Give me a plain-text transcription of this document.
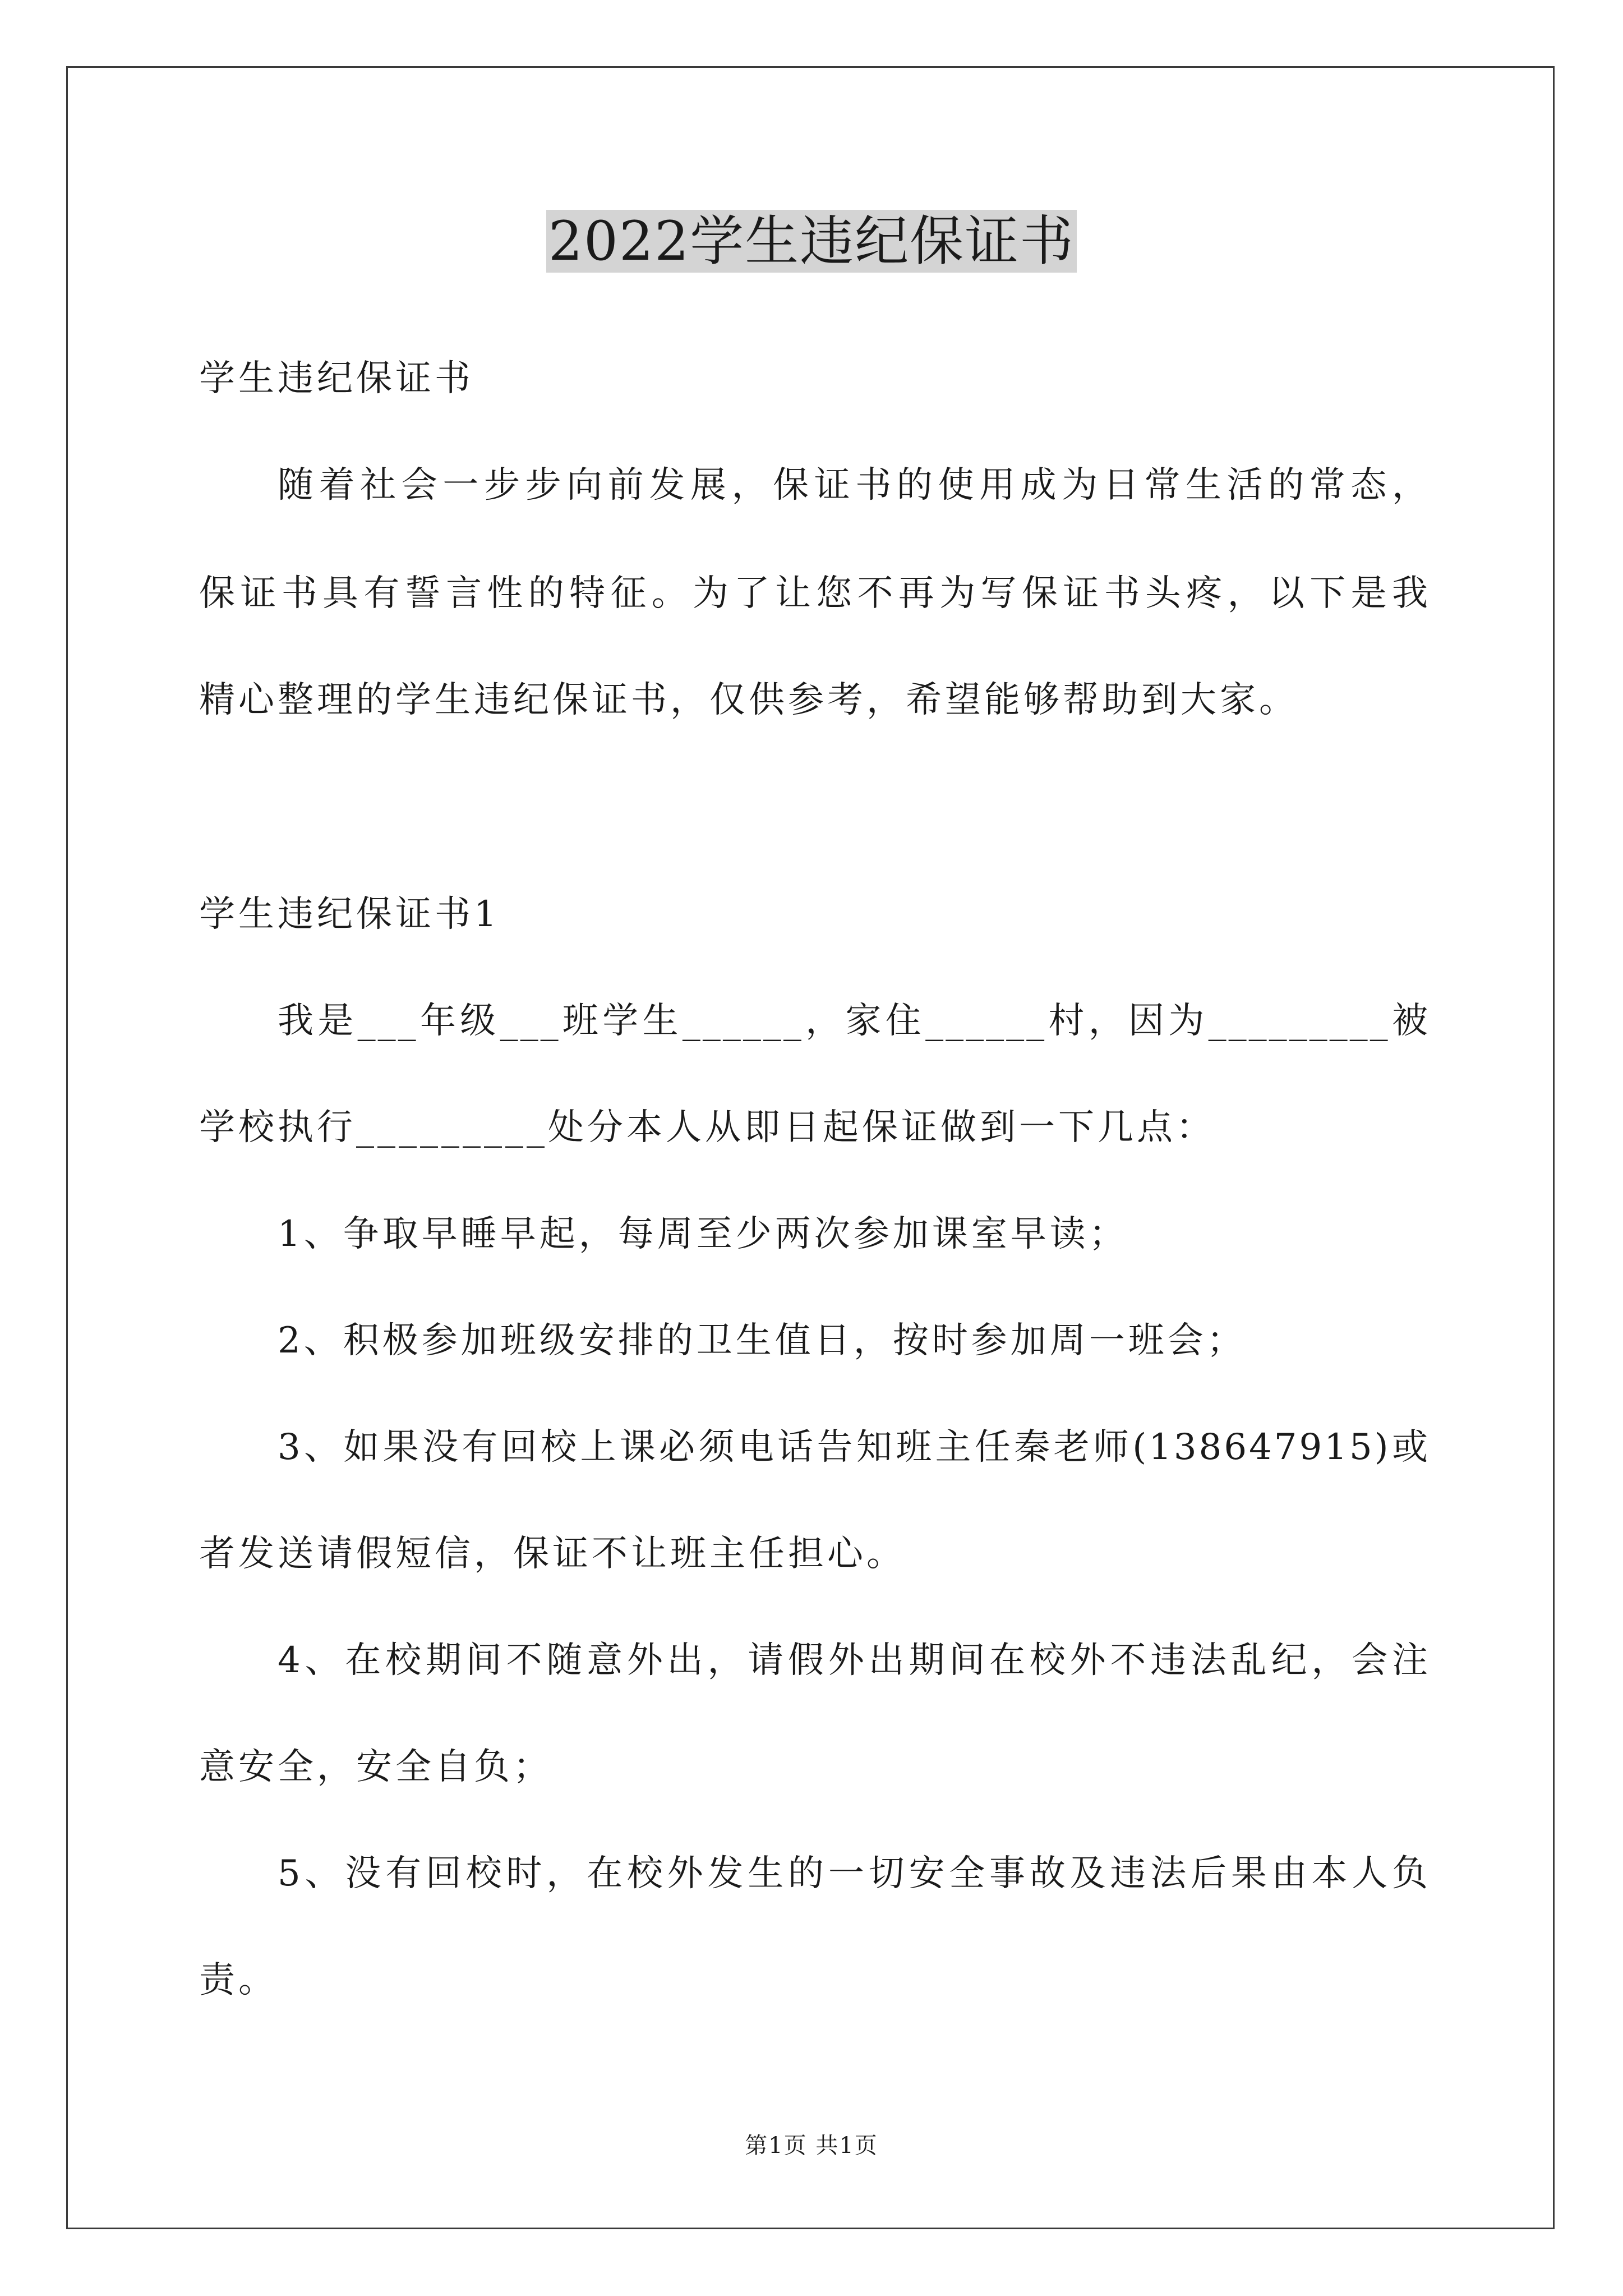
2022学生违纪保证书
学生违纪保证书
随着社会一步步向前发展，保证书的使用成为日常生活的常态，
保证书具有誓言性的特征。为了让您不再为写保证书头疼，以下是我
精心整理的学生违纪保证书，仅供参考，希望能够帮助到大家。
学生违纪保证书1
我是___年级___班学生______，家住______村，因为_________被
学校执行_________处分本人从即日起保证做到一下几点：
1、争取早睡早起，每周至少两次参加课室早读；
2、积极参加班级安排的卫生值日，按时参加周一班会；
3、如果没有回校上课必须电话告知班主任秦老师(138647915)或
者发送请假短信，保证不让班主任担心。
4、在校期间不随意外出，请假外出期间在校外不违法乱纪，会注
意安全，安全自负；
5、没有回校时，在校外发生的一切安全事故及违法后果由本人负
责。
第1页 共1页
